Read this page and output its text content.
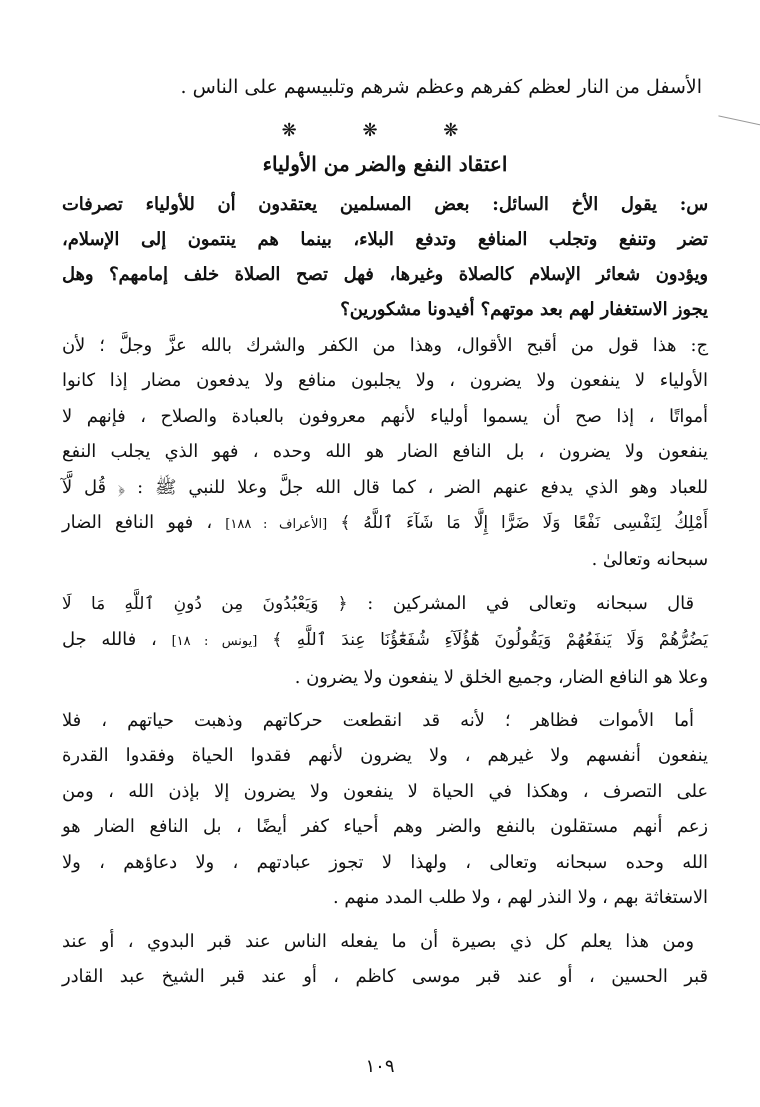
الأسفل من النار لعظم كفرهم وعظم شرهم وتلبيسهم على الناس .
❋ ❋ ❋
اعتقاد النفع والضر من الأولياء
س: يقول الأخ السائل: بعض المسلمين يعتقدون أن للأولياء تصرفات
تضر وتنفع وتجلب المنافع وتدفع البلاء، بينما هم ينتمون إلى الإسلام،
ويؤدون شعائر الإسلام كالصلاة وغيرها، فهل تصح الصلاة خلف إمامهم؟ وهل
يجوز الاستغفار لهم بعد موتهم؟ أفيدونا مشكورين؟
ج: هذا قول من أقبح الأقوال، وهذا من الكفر والشرك بالله عزَّ وجلَّ ؛ لأن
الأولياء لا ينفعون ولا يضرون ، ولا يجلبون منافع ولا يدفعون مضار إذا كانوا
أمواتًا ، إذا صح أن يسموا أولياء لأنهم معروفون بالعبادة والصلاح ، فإنهم لا
ينفعون ولا يضرون ، بل النافع الضار هو الله وحده ، فهو الذي يجلب النفع
للعباد وهو الذي يدفع عنهم الضر ، كما قال الله جلَّ وعلا للنبي ﷺ : ﴿ قُل لَّآ
أَمْلِكُ لِنَفْسِى نَفْعًا وَلَا ضَرًّا إِلَّا مَا شَآءَ ٱللَّهُ ﴾ [الأعراف : ١٨٨] ، فهو النافع الضار
سبحانه وتعالىٰ .
قال سبحانه وتعالى في المشركين : ﴿ وَيَعْبُدُونَ مِن دُونِ ٱللَّهِ مَا لَا
يَضُرُّهُمْ وَلَا يَنفَعُهُمْ وَيَقُولُونَ هَٰٓؤُلَآءِ شُفَعَٰٓؤُنَا عِندَ ٱللَّهِ ﴾ [يونس : ١٨] ، فالله جل
وعلا هو النافع الضار، وجميع الخلق لا ينفعون ولا يضرون .
أما الأموات فظاهر ؛ لأنه قد انقطعت حركاتهم وذهبت حياتهم ، فلا
ينفعون أنفسهم ولا غيرهم ، ولا يضرون لأنهم فقدوا الحياة وفقدوا القدرة
على التصرف ، وهكذا في الحياة لا ينفعون ولا يضرون إلا بإذن الله ، ومن
زعم أنهم مستقلون بالنفع والضر وهم أحياء كفر أيضًا ، بل النافع الضار هو
الله وحده سبحانه وتعالى ، ولهذا لا تجوز عبادتهم ، ولا دعاؤهم ، ولا
الاستغاثة بهم ، ولا النذر لهم ، ولا طلب المدد منهم .
ومن هذا يعلم كل ذي بصيرة أن ما يفعله الناس عند قبر البدوي ، أو عند
قبر الحسين ، أو عند قبر موسى كاظم ، أو عند قبر الشيخ عبد القادر
١٠٩
